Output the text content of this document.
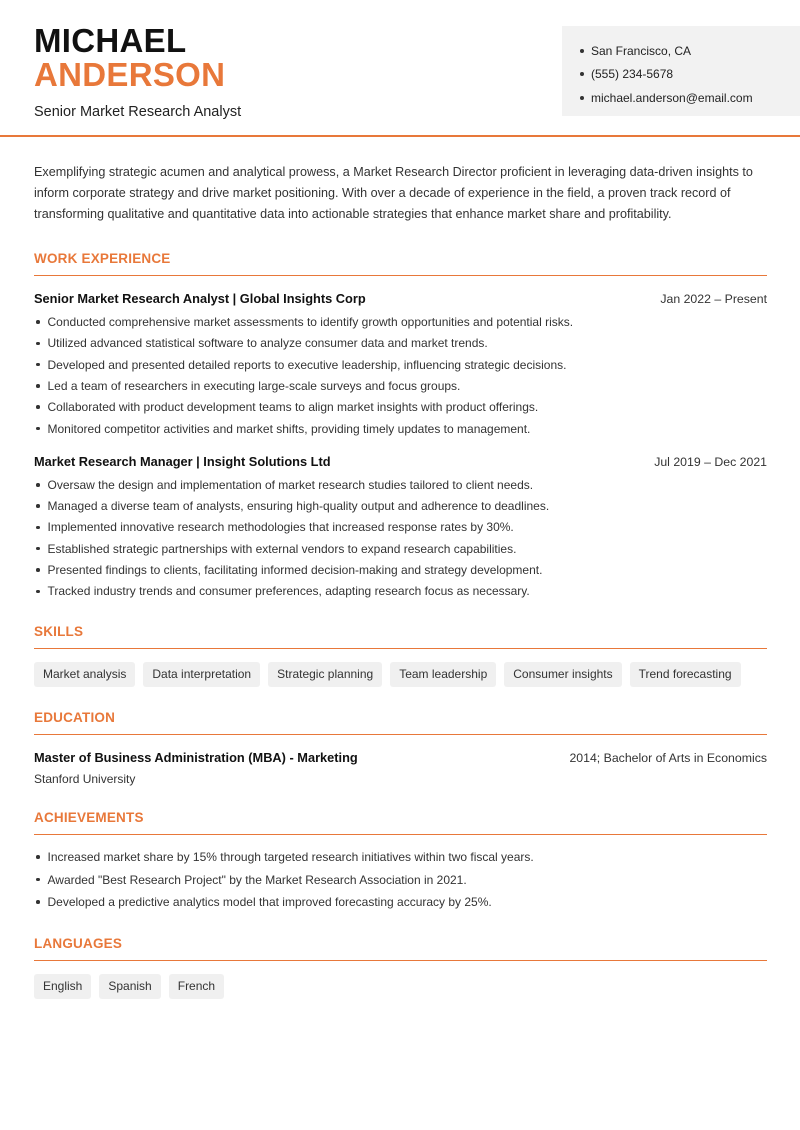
MICHAEL
ANDERSON
Senior Market Research Analyst
San Francisco, CA
(555) 234-5678
michael.anderson@email.com

Exemplifying strategic acumen and analytical prowess, a Market Research Director proficient in leveraging data-driven insights to inform corporate strategy and drive market positioning. With over a decade of experience in the field, a proven track record of transforming qualitative and quantitative data into actionable strategies that enhance market share and profitability.

WORK EXPERIENCE
Senior Market Research Analyst | Global Insights Corp	Jan 2022 – Present
Conducted comprehensive market assessments to identify growth opportunities and potential risks.
Utilized advanced statistical software to analyze consumer data and market trends.
Developed and presented detailed reports to executive leadership, influencing strategic decisions.
Led a team of researchers in executing large-scale surveys and focus groups.
Collaborated with product development teams to align market insights with product offerings.
Monitored competitor activities and market shifts, providing timely updates to management.
Market Research Manager | Insight Solutions Ltd	Jul 2019 – Dec 2021
Oversaw the design and implementation of market research studies tailored to client needs.
Managed a diverse team of analysts, ensuring high-quality output and adherence to deadlines.
Implemented innovative research methodologies that increased response rates by 30%.
Established strategic partnerships with external vendors to expand research capabilities.
Presented findings to clients, facilitating informed decision-making and strategy development.
Tracked industry trends and consumer preferences, adapting research focus as necessary.
SKILLS
Market analysis	Data interpretation	Strategic planning	Team leadership	Consumer insights	Trend forecasting
EDUCATION
Master of Business Administration (MBA) - Marketing	2014; Bachelor of Arts in Economics
Stanford University
ACHIEVEMENTS
Increased market share by 15% through targeted research initiatives within two fiscal years.
Awarded "Best Research Project" by the Market Research Association in 2021.
Developed a predictive analytics model that improved forecasting accuracy by 25%.
LANGUAGES
English	Spanish	French
